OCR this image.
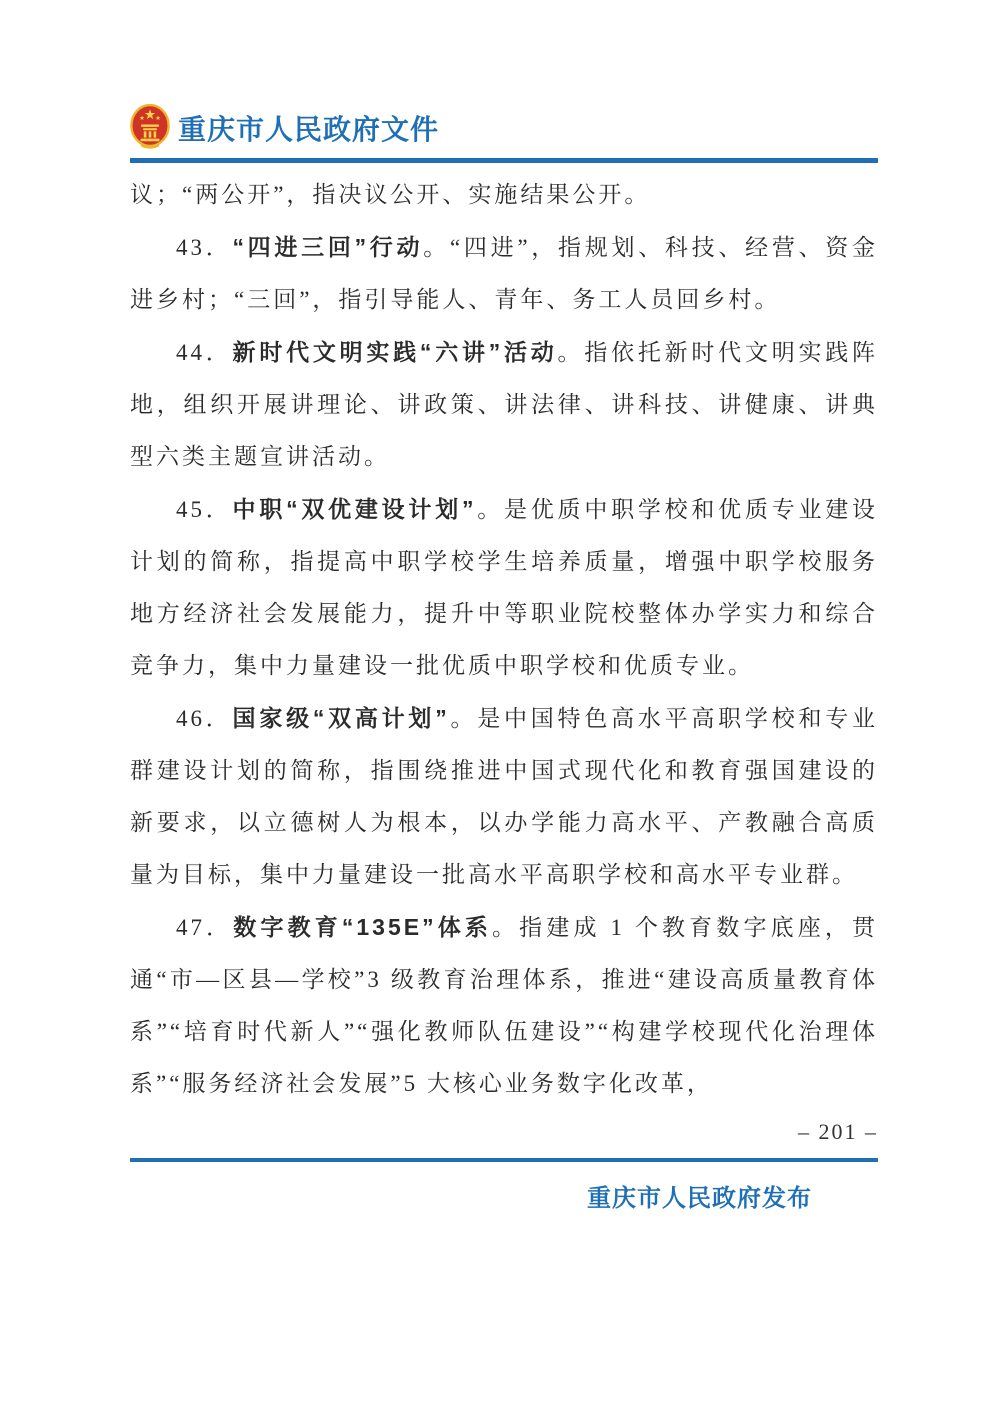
重庆市人民政府文件

议；“两公开”，指决议公开、实施结果公开。

43．“四进三回”行动。“四进”，指规划、科技、经营、资金进乡村；“三回”，指引导能人、青年、务工人员回乡村。

44．新时代文明实践“六讲”活动。指依托新时代文明实践阵地，组织开展讲理论、讲政策、讲法律、讲科技、讲健康、讲典型六类主题宣讲活动。

45．中职“双优建设计划”。是优质中职学校和优质专业建设计划的简称，指提高中职学校学生培养质量，增强中职学校服务地方经济社会发展能力，提升中等职业院校整体办学实力和综合竞争力，集中力量建设一批优质中职学校和优质专业。

46．国家级“双高计划”。是中国特色高水平高职学校和专业群建设计划的简称，指围绕推进中国式现代化和教育强国建设的新要求，以立德树人为根本，以办学能力高水平、产教融合高质量为目标，集中力量建设一批高水平高职学校和高水平专业群。

47．数字教育“135E”体系。指建成 1 个教育数字底座，贯通“市—区县—学校”3 级教育治理体系，推进“建设高质量教育体系”“培育时代新人”“强化教师队伍建设”“构建学校现代化治理体系”“服务经济社会发展”5 大核心业务数字化改革，

– 201 –
重庆市人民政府发布
